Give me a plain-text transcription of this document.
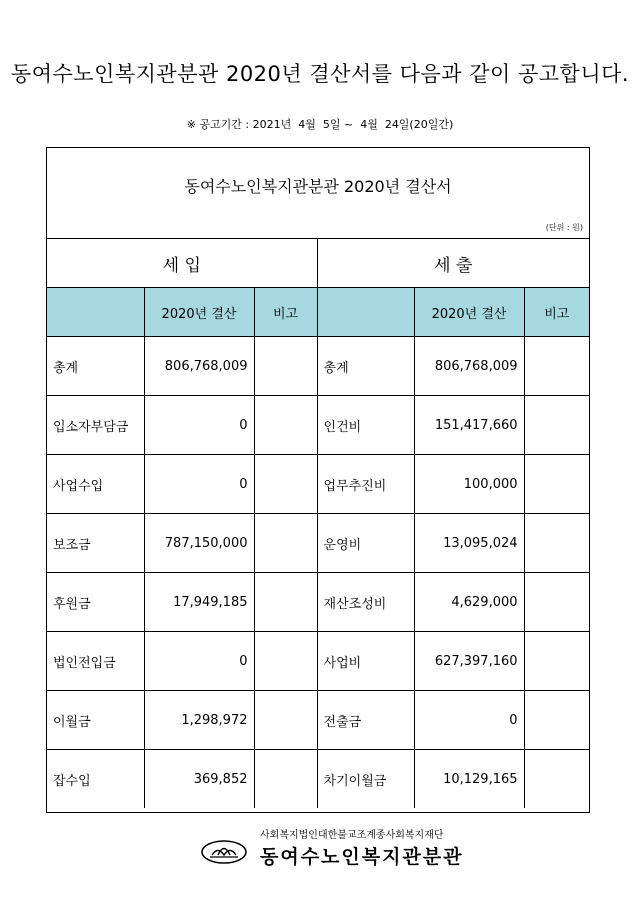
동여수노인복지관분관 2020년 결산서를 다음과 같이 공고합니다.
※ 공고기간 : 2021년  4월  5일 ~  4월  24일(20일간)
동여수노인복지관분관 2020년 결산서
(단위 : 원)
세 입			세 출		
	2020년 결산	비고		2020년 결산	비고
총계	806,768,009		총계	806,768,009	
입소자부담금	0		인건비	151,417,660	
사업수입	0		업무추진비	100,000	
보조금	787,150,000		운영비	13,095,024	
후원금	17,949,185		재산조성비	4,629,000	
법인전입금	0		사업비	627,397,160	
이월금	1,298,972		전출금	0	
잡수입	369,852		차기이월금	10,129,165	
사회복지법인대한불교조계종사회복지재단
동여수노인복지관분관
